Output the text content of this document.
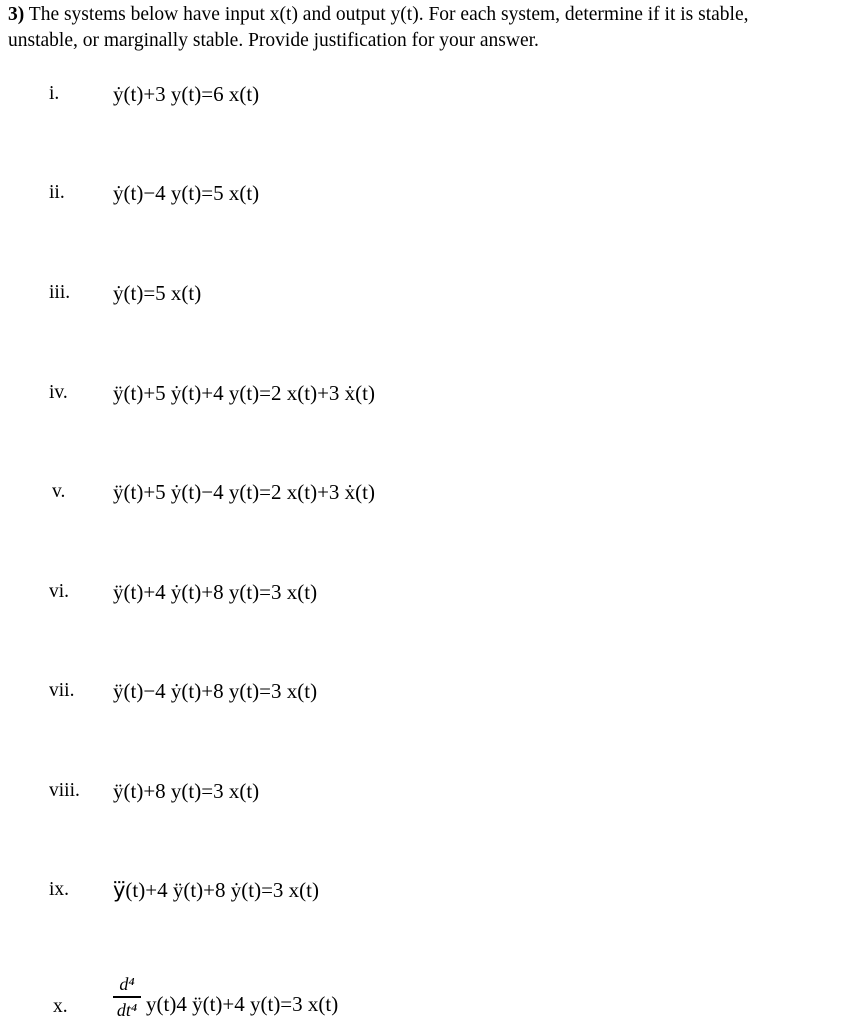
3) The systems below have input x(t) and output y(t). For each system, determine if it is stable,
unstable, or marginally stable. Provide justification for your answer.
i.	ẏ(t)+3 y(t)=6 x(t)
ii. ẏ(t)−4 y(t)=5 x(t)
iii. ẏ(t)=5 x(t)
iv. ÿ(t)+5 ẏ(t)+4 y(t)=2 x(t)+3 ẋ(t)
v. ÿ(t)+5 ẏ(t)−4 y(t)=2 x(t)+3 ẋ(t)
vi. ÿ(t)+4 ẏ(t)+8 y(t)=3 x(t)
vii. ÿ(t)−4 ẏ(t)+8 y(t)=3 x(t)
viii. ÿ(t)+8 y(t)=3 x(t)
ix. y⃛(t)+4 ÿ(t)+8 ẏ(t)=3 x(t)
x.
d⁴
dt⁴ y(t)4 ÿ(t)+4 y(t)=3 x(t)
